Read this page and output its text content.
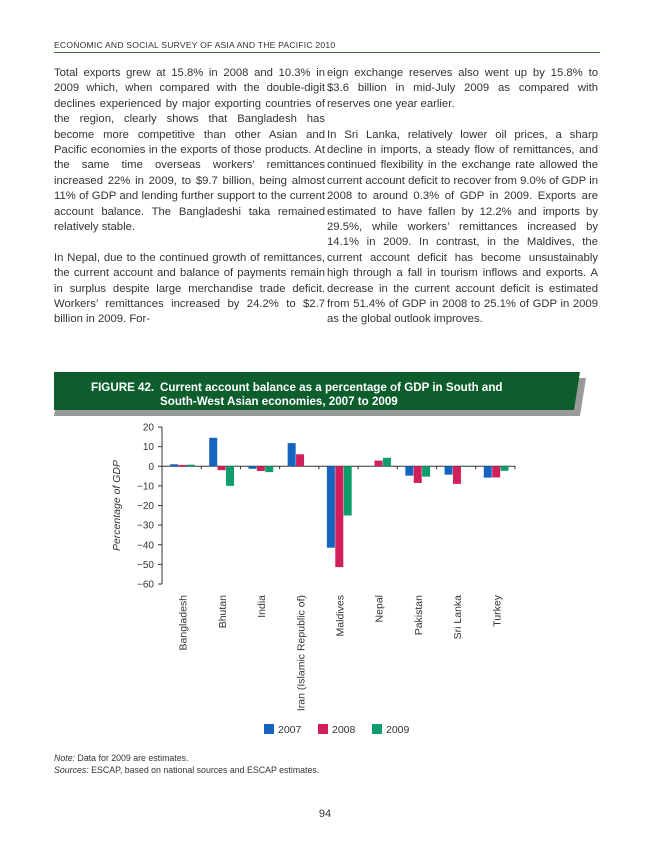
ECONOMIC AND SOCIAL SURVEY OF ASIA AND THE PACIFIC 2010

Total exports grew at 15.8% in 2008 and 10.3% in 2009 which, when compared with the double-digit declines experienced by major exporting countries of the region, clearly shows that Bangladesh has become more competitive than other Asian and Pacific economies in the exports of those products. At the same time overseas workers’ remittances increased 22% in 2009, to $9.7 billion, being almost 11% of GDP and lending further support to the current account balance. The Bangladeshi taka remained relatively stable.

In Nepal, due to the continued growth of remittances, the current account and balance of payments remain in surplus despite large merchandise trade deficit. Workers’ remittances increased by 24.2% to $2.7 billion in 2009. For-

eign exchange reserves also went up by 15.8% to $3.6 billion in mid-July 2009 as compared with reserves one year earlier.

In Sri Lanka, relatively lower oil prices, a sharp decline in imports, a steady flow of remittances, and continued flexibility in the exchange rate allowed the current account deficit to recover from 9.0% of GDP in 2008 to around 0.3% of GDP in 2009. Exports are estimated to have fallen by 12.2% and imports by 29.5%, while workers’ remittances increased by 14.1% in 2009. In contrast, in the Maldives, the current account deficit has become unsustainably high through a fall in tourism inflows and exports. A decrease in the current account deficit is estimated from 51.4% of GDP in 2008 to 25.1% of GDP in 2009 as the global outlook improves.

FIGURE 42. Current account balance as a percentage of GDP in South and
South-West Asian economies, 2007 to 2009
20
10
0
−10
−20
−30
−40
−50
−60
Percentage of GDP
Bangladesh	Bhutan	India	Iran (Islamic Republic of)	Maldives	Nepal	Pakistan	Sri Lanka	Turkey
2007	2008	2009
Note: Data for 2009 are estimates.
Sources: ESCAP, based on national sources and ESCAP estimates.
94
